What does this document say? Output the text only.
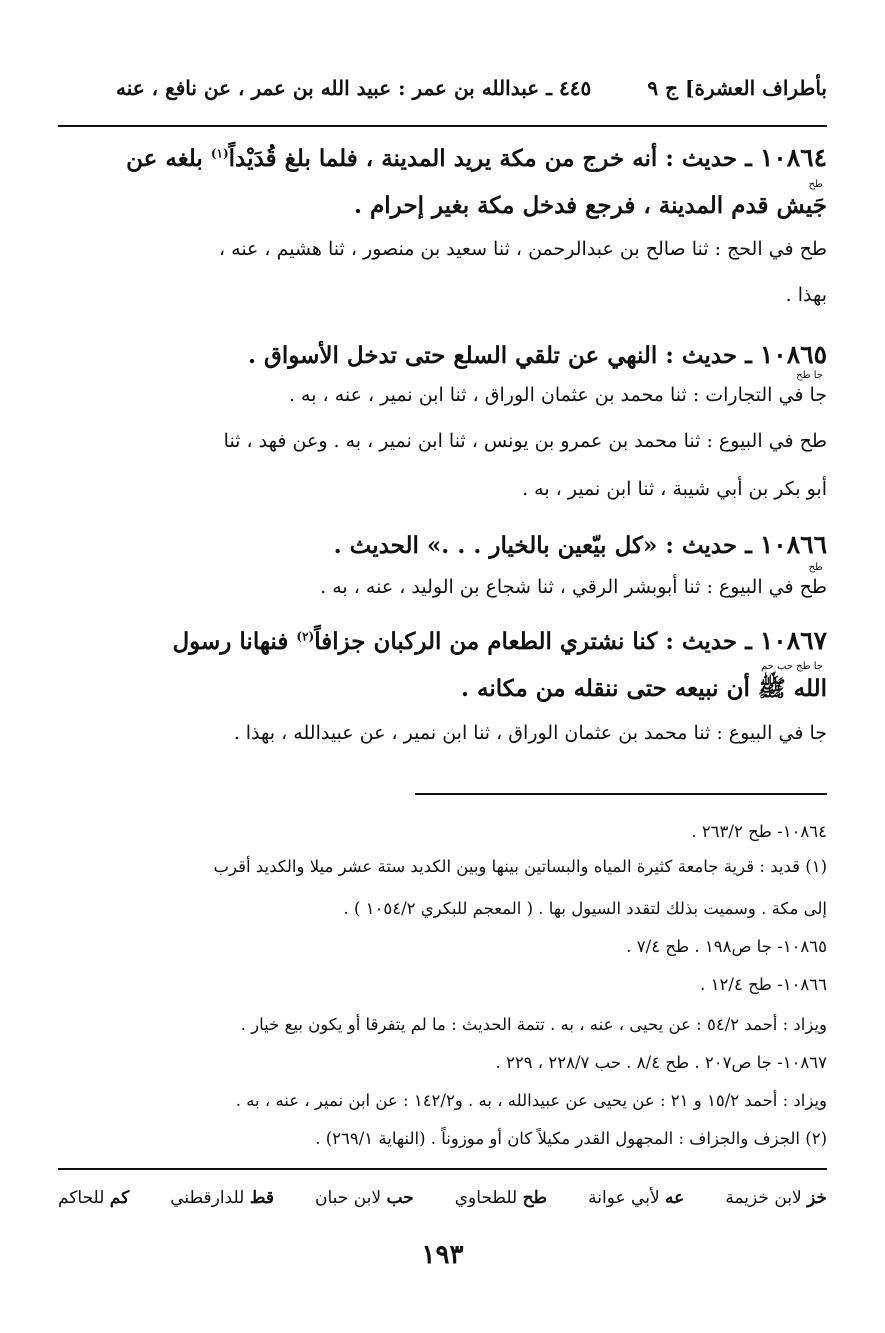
بأطراف العشرة] ج ٩
٤٤٥ ـ عبدالله بن عمر : عبيد الله بن عمر ، عن نافع ، عنه
١٠٨٦٤ ـ حديث : أنه خرج من مكة يريد المدينة ، فلما بلغ قُدَيْداً$^{(١)}$ بلغه عن
طح
جَيش قدم المدينة ، فرجع فدخل مكة بغير إحرام .
طح في الحج : ثنا صالح بن عبدالرحمن ، ثنا سعيد بن منصور ، ثنا هشيم ، عنه ،
بهذا .
١٠٨٦٥ ـ حديث : النهي عن تلقي السلع حتى تدخل الأسواق .
جا طح
جا في التجارات : ثنا محمد بن عثمان الوراق ، ثنا ابن نمير ، عنه ، به .
طح في البيوع : ثنا محمد بن عمرو بن يونس ، ثنا ابن نمير ، به . وعن فهد ، ثنا
أبو بكر بن أبي شيبة ، ثنا ابن نمير ، به .
١٠٨٦٦ ـ حديث : «كل بيّعين بالخيار . . .» الحديث .
طح
طح في البيوع : ثنا أبوبشر الرقي ، ثنا شجاع بن الوليد ، عنه ، به .
١٠٨٦٧ ـ حديث : كنا نشتري الطعام من الركبان جزافاً$^{(٢)}$ فنهانا رسول
جا طح حب حم
الله ﷺ أن نبيعه حتى ننقله من مكانه .
جا في البيوع : ثنا محمد بن عثمان الوراق ، ثنا ابن نمير ، عن عبيدالله ، بهذا .
١٠٨٦٤- طح ٢٦٣/٢ .
(١) قديد : قرية جامعة كثيرة المياه والبساتين بينها وبين الكديد ستة عشر ميلا والكديد أقرب
إلى مكة . وسميت بذلك لتقدد السيول بها . ( المعجم للبكري ١٠٥٤/٢ ) .
١٠٨٦٥- جا ص١٩٨ . طح ٧/٤ .
١٠٨٦٦- طح ١٢/٤ .
ويزاد : أحمد ٥٤/٢ : عن يحيى ، عنه ، به . تتمة الحديث : ما لم يتفرقا أو يكون بيع خيار .
١٠٨٦٧- جا ص٢٠٧ . طح ٨/٤ . حب ٢٢٨/٧ ، ٢٢٩ .
ويزاد : أحمد ١٥/٢ و ٢١ : عن يحيى عن عبيدالله ، به . و١٤٢/٢ : عن ابن نمير ، عنه ، به .
(٢) الجزف والجزاف : المجهول القدر مكيلاً كان أو موزوناً . (النهاية ٢٦٩/١) .
خز لابن خزيمة
عه لأبي عوانة
طح للطحاوي
حب لابن حبان
قط للدارقطني
كم للحاكم
١٩٣
